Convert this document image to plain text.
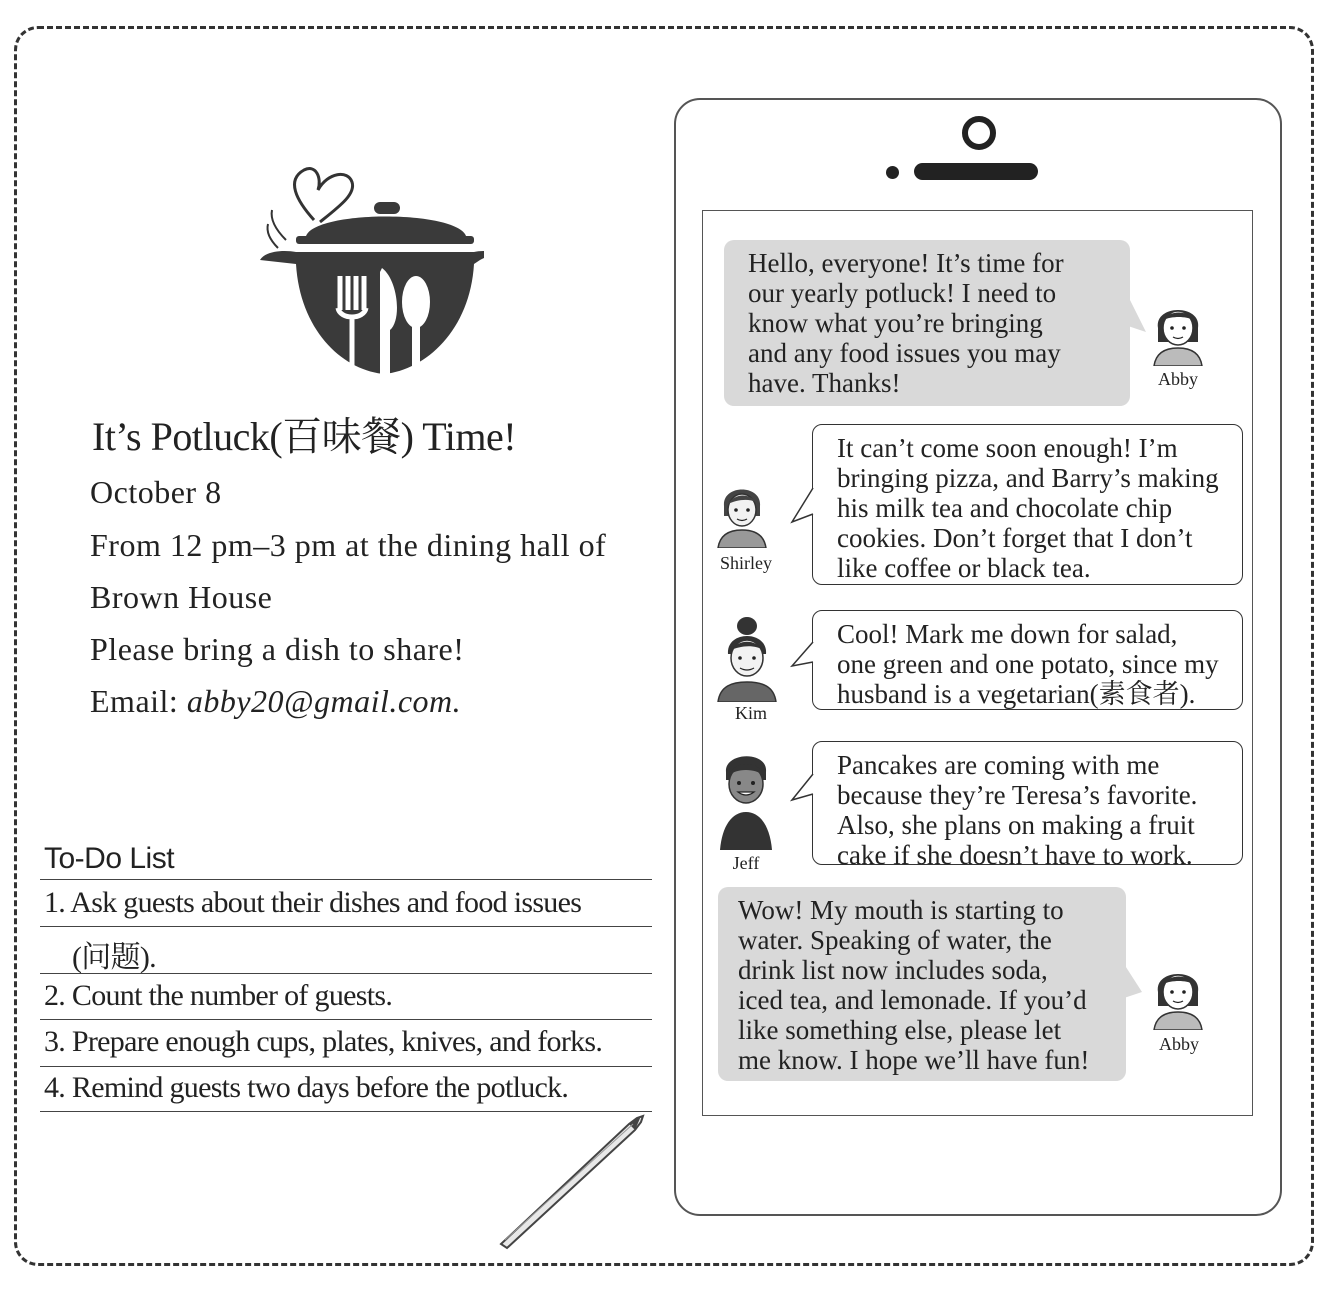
It’s Potluck(百味餐) Time!
October 8
From 12 pm–3 pm at the dining hall of
Brown House
Please bring a dish to share!
Email: abby20@gmail.com.
To-Do List
1. Ask guests about their dishes and food issues
(问题).
2. Count the number of guests.
3. Prepare enough cups, plates, knives, and forks.
4. Remind guests two days before the potluck.
Hello, everyone! It’s time for
our yearly potluck! I need to
know what you’re bringing
and any food issues you may
have. Thanks!	Abby
It can’t come soon enough! I’m
bringing pizza, and Barry’s making
his milk tea and chocolate chip
cookies. Don’t forget that I don’t
like coffee or black tea.
Shirley
Cool! Mark me down for salad,
one green and one potato, since my
husband is a vegetarian(素食者).
Kim
Pancakes are coming with me
because they’re Teresa’s favorite.
Also, she plans on making a fruit
cake if she doesn’t have to work.
Jeff
Wow! My mouth is starting to
water. Speaking of water, the
drink list now includes soda,
iced tea, and lemonade. If you’d
like something else, please let
me know. I hope we’ll have fun!
Abby
